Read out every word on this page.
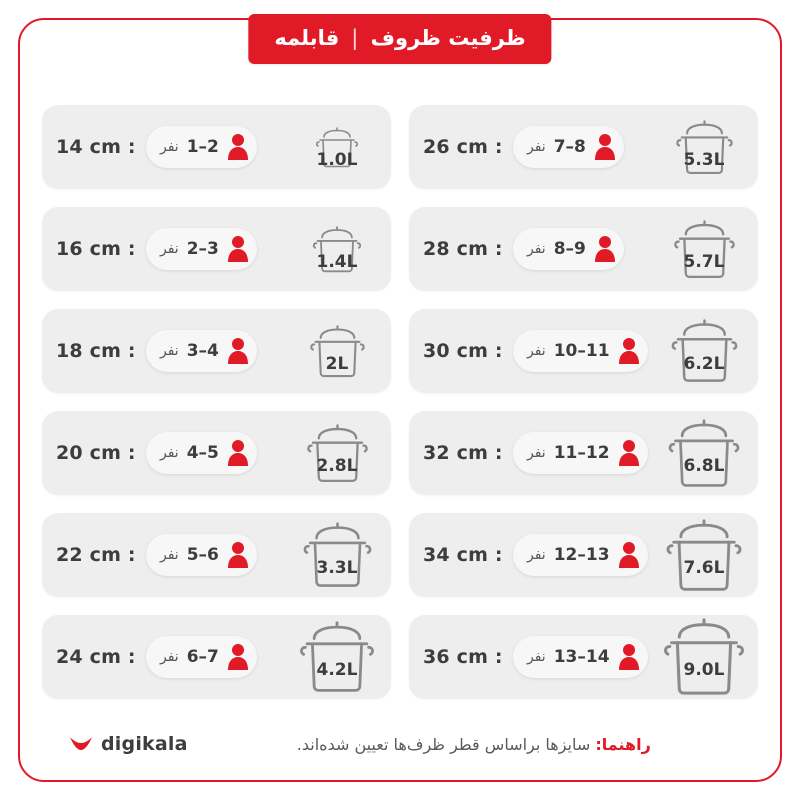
ظرفیت ظروف
|
قابلمه
14 cm :	1–2
نفر
1.0L
16 cm :	2–3
نفر
1.4L
18 cm :	3–4
نفر
2L
20 cm :	4–5
نفر
2.8L
22 cm :	5–6
نفر
3.3L
24 cm :	6–7
نفر
4.2L
26 cm :	7–8
نفر
5.3L
28 cm :	8–9
نفر
5.7L
30 cm :	10–11
نفر
6.2L
32 cm :	11–12
نفر
6.8L
34 cm :	12–13
نفر
7.6L
36 cm :	13–14
نفر
9.0L
digikala	راهنما: سایزها براساس قطر ظرف‌ها تعیین شده‌اند.
